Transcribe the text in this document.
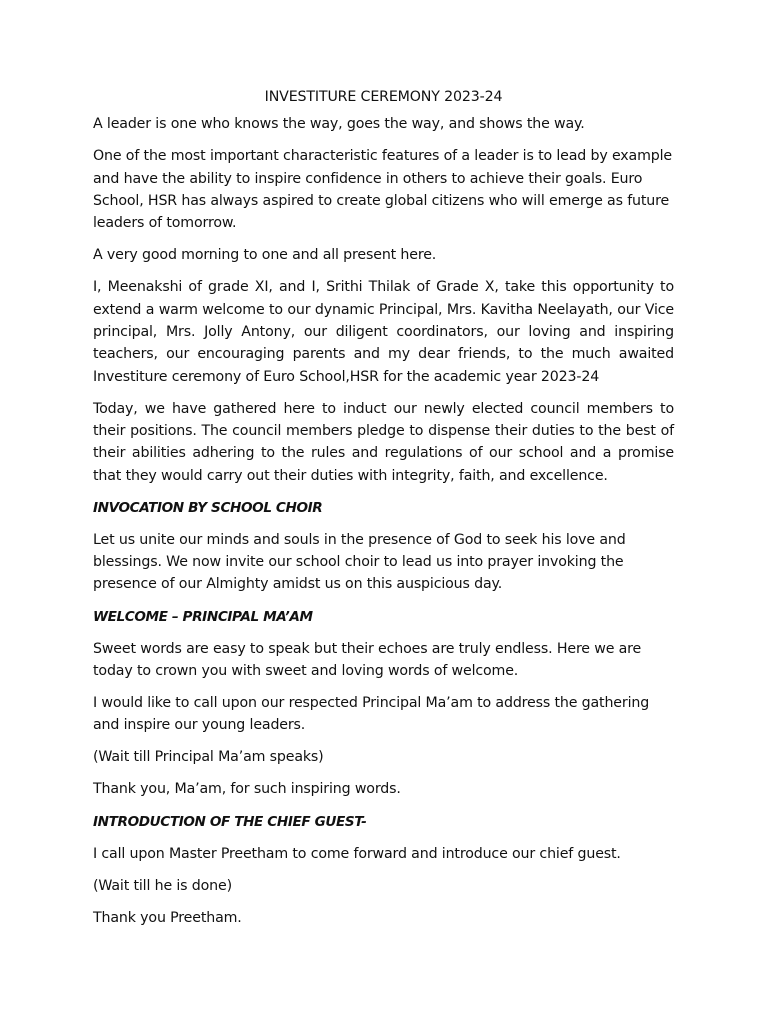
INVESTITURE CEREMONY 2023-24

A leader is one who knows the way, goes the way, and shows the way.

One of the most important characteristic features of a leader is to lead by example and have the ability to inspire confidence in others to achieve their goals. Euro School, HSR has always aspired to create global citizens who will emerge as future leaders of tomorrow.

A very good morning to one and all present here.

I, Meenakshi of grade XI, and I, Srithi Thilak of Grade X, take this opportunity to extend a warm welcome to our dynamic Principal, Mrs. Kavitha Neelayath, our Vice principal, Mrs. Jolly Antony, our diligent coordinators, our loving and inspiring teachers, our encouraging parents and my dear friends, to the much awaited Investiture ceremony of Euro School,HSR for the academic year 2023-24

Today, we have gathered here to induct our newly elected council members to their positions. The council members pledge to dispense their duties to the best of their abilities adhering to the rules and regulations of our school and a promise that they would carry out their duties with integrity, faith, and excellence.

INVOCATION BY SCHOOL CHOIR

Let us unite our minds and souls in the presence of God to seek his love and blessings. We now invite our school choir to lead us into prayer invoking the presence of our Almighty amidst us on this auspicious day.

WELCOME – PRINCIPAL MA’AM

Sweet words are easy to speak but their echoes are truly endless. Here we are today to crown you with sweet and loving words of welcome.

I would like to call upon our respected Principal Ma’am to address the gathering and inspire our young leaders.

(Wait till Principal Ma’am speaks)

Thank you, Ma’am, for such inspiring words.

INTRODUCTION OF THE CHIEF GUEST-

I call upon Master Preetham to come forward and introduce our chief guest.

(Wait till he is done)

Thank you Preetham.
